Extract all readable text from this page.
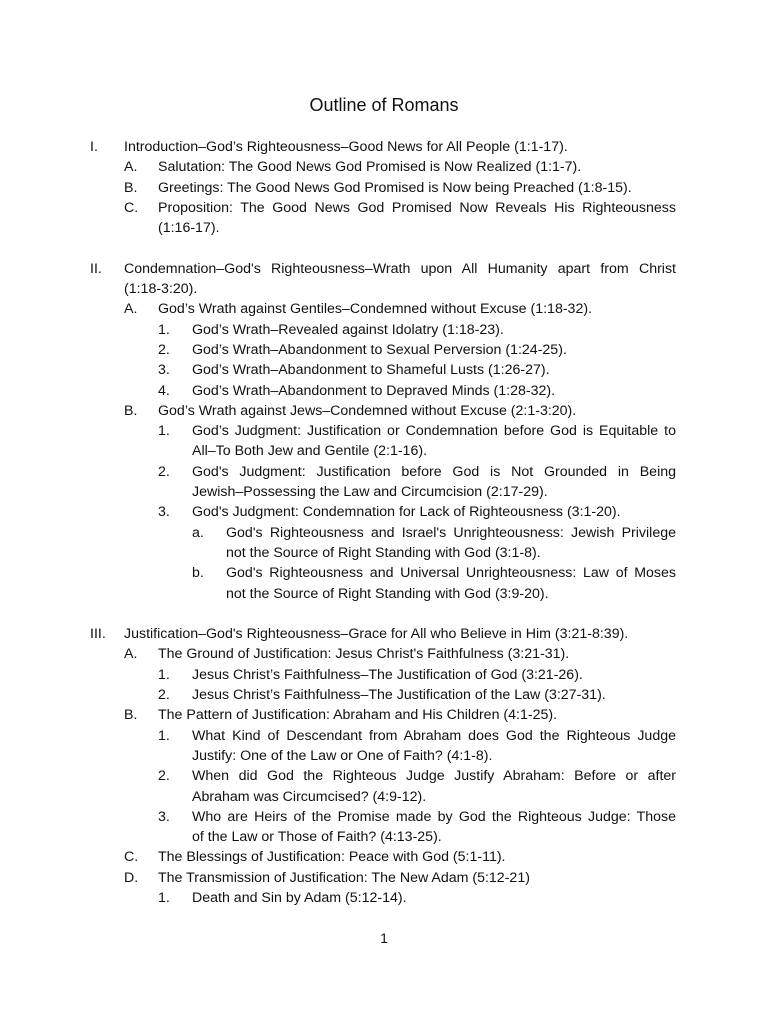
Outline of Romans
I. Introduction–God’s Righteousness–Good News for All People (1:1-17).
A. Salutation: The Good News God Promised is Now Realized (1:1-7).
B. Greetings: The Good News God Promised is Now being Preached (1:8-15).
C. Proposition: The Good News God Promised Now Reveals His Righteousness
(1:16-17).
II. Condemnation–God's Righteousness–Wrath upon All Humanity apart from Christ
(1:18-3:20).
A. God’s Wrath against Gentiles–Condemned without Excuse (1:18-32).
1. God’s Wrath–Revealed against Idolatry (1:18-23).
2. God’s Wrath–Abandonment to Sexual Perversion (1:24-25).
3. God’s Wrath–Abandonment to Shameful Lusts (1:26-27).
4. God’s Wrath–Abandonment to Depraved Minds (1:28-32).
B. God’s Wrath against Jews–Condemned without Excuse (2:1-3:20).
1. God’s Judgment: Justification or Condemnation before God is Equitable to
All–To Both Jew and Gentile (2:1-16).
2. God's Judgment: Justification before God is Not Grounded in Being
Jewish–Possessing the Law and Circumcision (2:17-29).
3. God's Judgment: Condemnation for Lack of Righteousness (3:1-20).
a. God's Righteousness and Israel's Unrighteousness: Jewish Privilege
not the Source of Right Standing with God (3:1-8).
b. God's Righteousness and Universal Unrighteousness: Law of Moses
not the Source of Right Standing with God (3:9-20).
III. Justification–God's Righteousness–Grace for All who Believe in Him (3:21-8:39).
A. The Ground of Justification: Jesus Christ's Faithfulness (3:21-31).
1. Jesus Christ’s Faithfulness–The Justification of God (3:21-26).
2. Jesus Christ’s Faithfulness–The Justification of the Law (3:27-31).
B. The Pattern of Justification: Abraham and His Children (4:1-25).
1. What Kind of Descendant from Abraham does God the Righteous Judge
Justify: One of the Law or One of Faith? (4:1-8).
2. When did God the Righteous Judge Justify Abraham: Before or after
Abraham was Circumcised? (4:9-12).
3. Who are Heirs of the Promise made by God the Righteous Judge: Those
of the Law or Those of Faith? (4:13-25).
C. The Blessings of Justification: Peace with God (5:1-11).
D. The Transmission of Justification: The New Adam (5:12-21)
1. Death and Sin by Adam (5:12-14).
1
